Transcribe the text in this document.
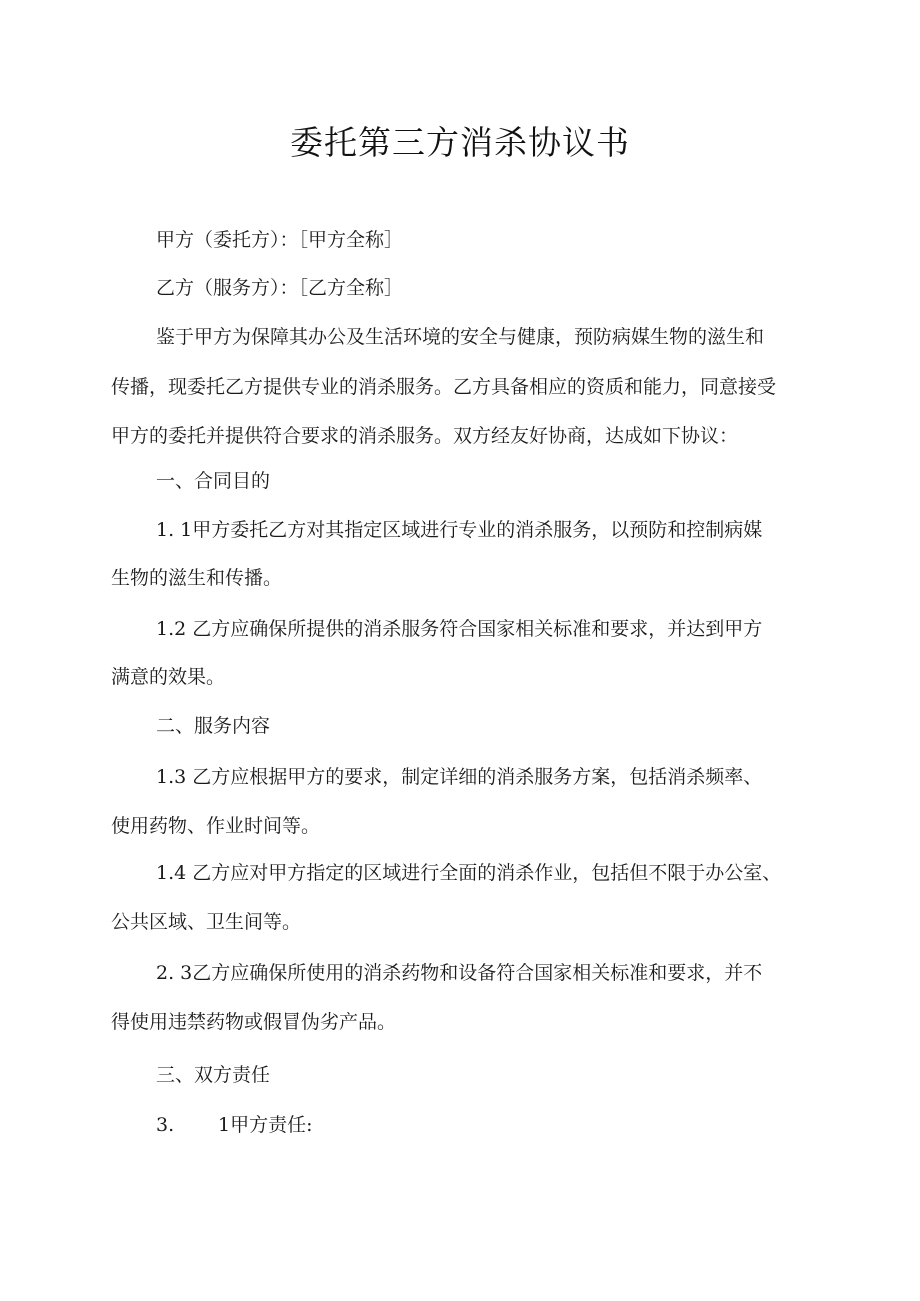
委托第三方消杀协议书
甲方（委托方）：［甲方全称］
乙方（服务方）：［乙方全称］
鉴于甲方为保障其办公及生活环境的安全与健康，预防病媒生物的滋生和
传播，现委托乙方提供专业的消杀服务。乙方具备相应的资质和能力，同意接受
甲方的委托并提供符合要求的消杀服务。双方经友好协商，达成如下协议：
一、合同目的
1. 1甲方委托乙方对其指定区域进行专业的消杀服务，以预防和控制病媒
生物的滋生和传播。
1.2 乙方应确保所提供的消杀服务符合国家相关标准和要求，并达到甲方
满意的效果。
二、服务内容
1.3 乙方应根据甲方的要求，制定详细的消杀服务方案，包括消杀频率、
使用药物、作业时间等。
1.4 乙方应对甲方指定的区域进行全面的消杀作业，包括但不限于办公室、
公共区域、卫生间等。
2. 3乙方应确保所使用的消杀药物和设备符合国家相关标准和要求，并不
得使用违禁药物或假冒伪劣产品。
三、双方责任
3. 1甲方责任:
